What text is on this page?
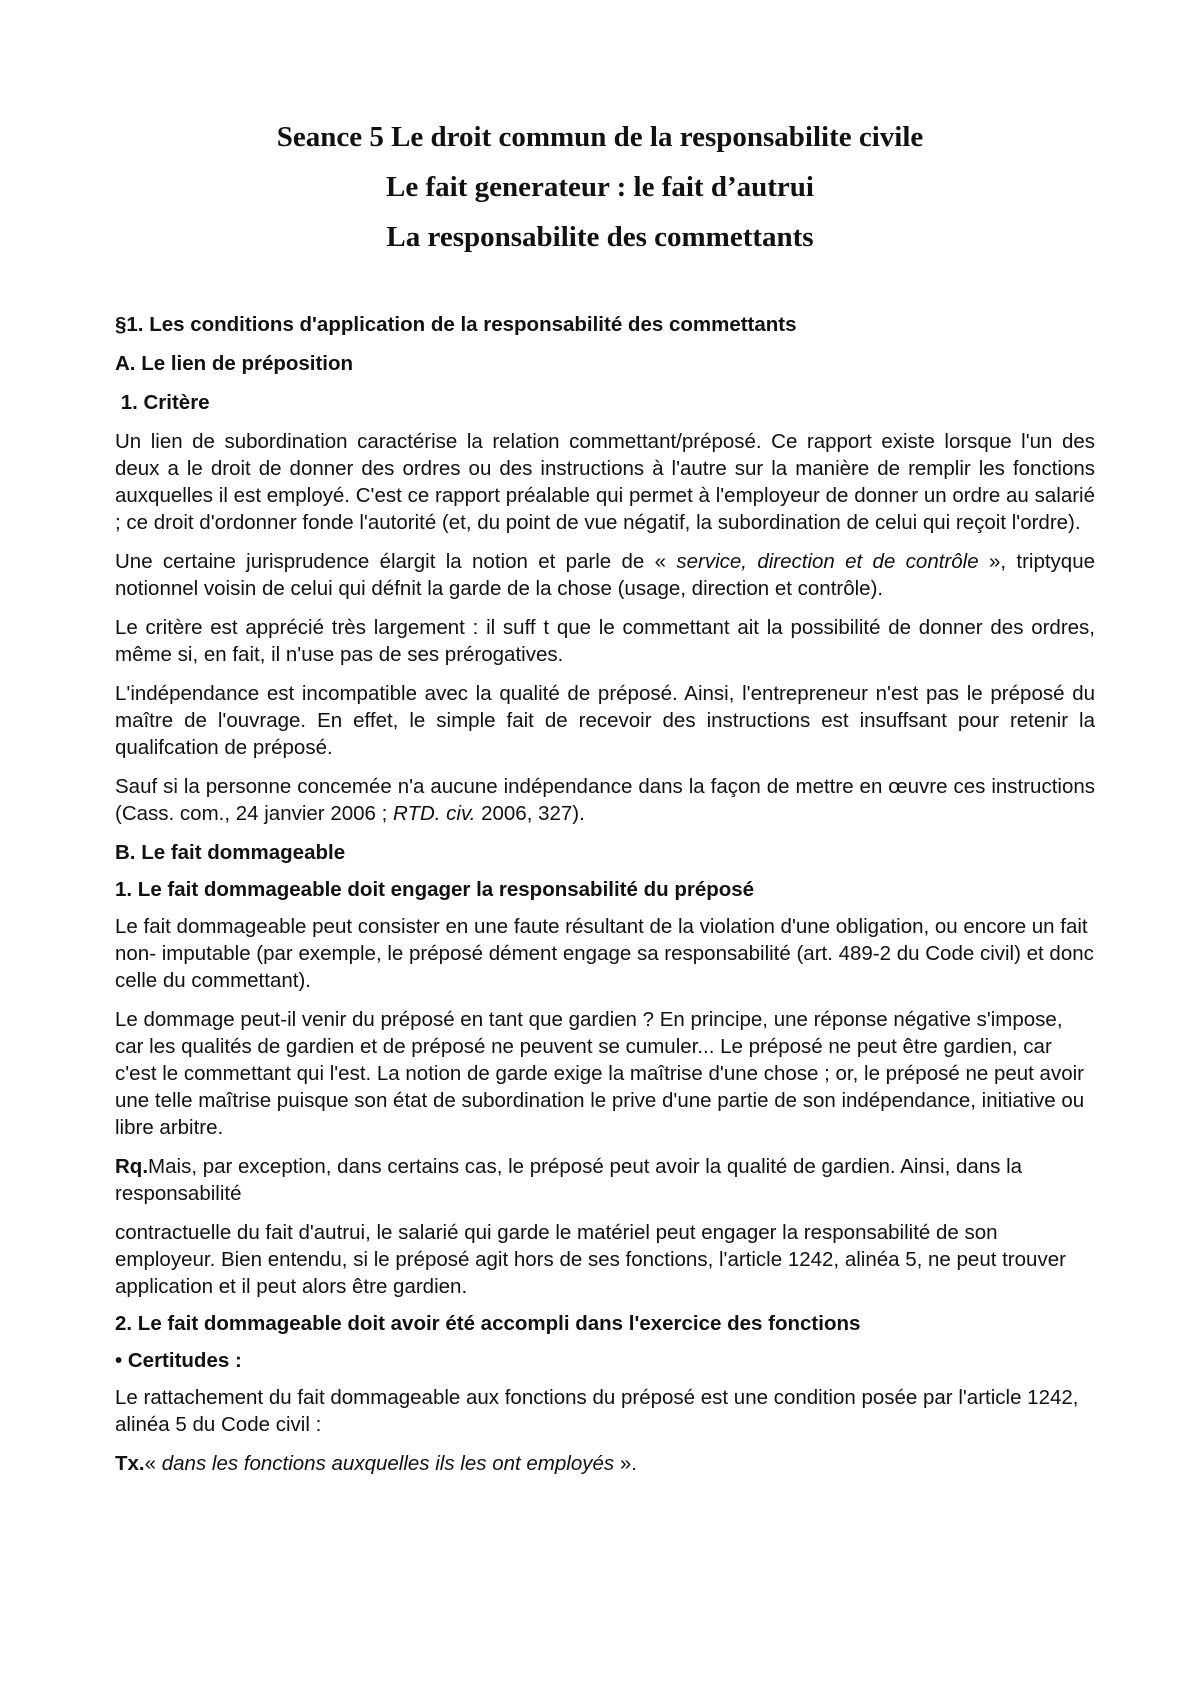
Seance 5 Le droit commun de la responsabilite civile
Le fait generateur : le fait d’autrui
La responsabilite des commettants

§1. Les conditions d'application de la responsabilité des commettants

A. Le lien de préposition

1. Critère

Un lien de subordination caractérise la relation commettant/préposé. Ce rapport existe lorsque l'un des deux a le droit de donner des ordres ou des instructions à l'autre sur la manière de remplir les fonctions auxquelles il est employé. C'est ce rapport préalable qui permet à l'employeur de donner un ordre au salarié ; ce droit d'ordonner fonde l'autorité (et, du point de vue négatif, la subordination de celui qui reçoit l'ordre).

Une certaine jurisprudence élargit la notion et parle de « service, direction et de contrôle », triptyque notionnel voisin de celui qui défnit la garde de la chose (usage, direction et contrôle).

Le critère est apprécié très largement : il suff t que le commettant ait la possibilité de donner des ordres, même si, en fait, il n'use pas de ses prérogatives.

L'indépendance est incompatible avec la qualité de préposé. Ainsi, l'entrepreneur n'est pas le préposé du maître de l'ouvrage. En effet, le simple fait de recevoir des instructions est insuffsant pour retenir la qualifcation de préposé.

Sauf si la personne concemée n'a aucune indépendance dans la façon de mettre en œuvre ces instructions (Cass. com., 24 janvier 2006 ; RTD. civ. 2006, 327).

B. Le fait dommageable

1. Le fait dommageable doit engager la responsabilité du préposé

Le fait dommageable peut consister en une faute résultant de la violation d'une obligation, ou encore un fait non- imputable (par exemple, le préposé dément engage sa responsabilité (art. 489-2 du Code civil) et donc celle du commettant).

Le dommage peut-il venir du préposé en tant que gardien ? En principe, une réponse négative s'impose, car les qualités de gardien et de préposé ne peuvent se cumuler... Le préposé ne peut être gardien, car c'est le commettant qui l'est. La notion de garde exige la maîtrise d'une chose ; or, le préposé ne peut avoir une telle maîtrise puisque son état de subordination le prive d'une partie de son indépendance, initiative ou libre arbitre.

Rq.Mais, par exception, dans certains cas, le préposé peut avoir la qualité de gardien. Ainsi, dans la responsabilité

contractuelle du fait d'autrui, le salarié qui garde le matériel peut engager la responsabilité de son employeur. Bien entendu, si le préposé agit hors de ses fonctions, l'article 1242, alinéa 5, ne peut trouver application et il peut alors être gardien.

2. Le fait dommageable doit avoir été accompli dans l'exercice des fonctions

• Certitudes :

Le rattachement du fait dommageable aux fonctions du préposé est une condition posée par l'article 1242, alinéa 5 du Code civil :

Tx.« dans les fonctions auxquelles ils les ont employés ».
